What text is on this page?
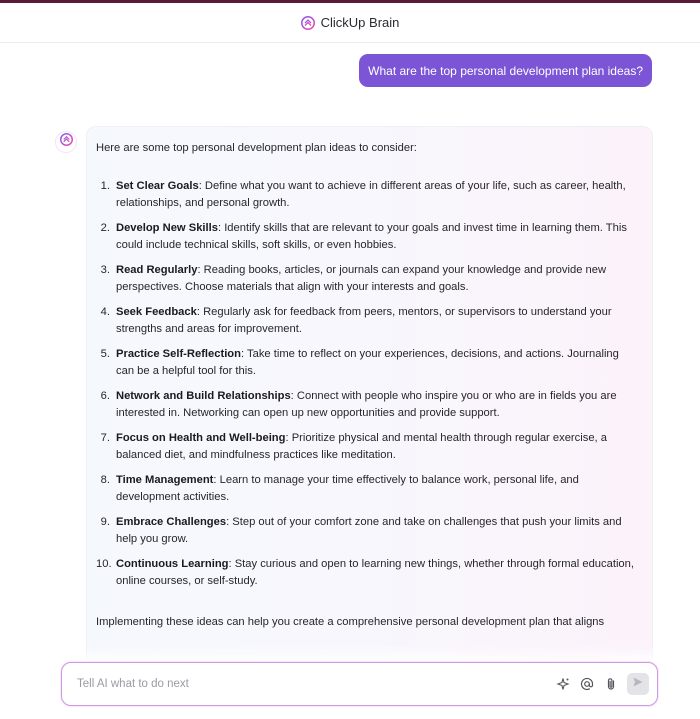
ClickUp Brain
What are the top personal development plan ideas?

Here are some top personal development plan ideas to consider:

1. Set Clear Goals: Define what you want to achieve in different areas of your life, such as career, health, relationships, and personal growth.
2. Develop New Skills: Identify skills that are relevant to your goals and invest time in learning them. This could include technical skills, soft skills, or even hobbies.
3. Read Regularly: Reading books, articles, or journals can expand your knowledge and provide new perspectives. Choose materials that align with your interests and goals.
4. Seek Feedback: Regularly ask for feedback from peers, mentors, or supervisors to understand your strengths and areas for improvement.
5. Practice Self-Reflection: Take time to reflect on your experiences, decisions, and actions. Journaling can be a helpful tool for this.
6. Network and Build Relationships: Connect with people who inspire you or who are in fields you are interested in. Networking can open up new opportunities and provide support.
7. Focus on Health and Well-being: Prioritize physical and mental health through regular exercise, a balanced diet, and mindfulness practices like meditation.
8. Time Management: Learn to manage your time effectively to balance work, personal life, and development activities.
9. Embrace Challenges: Step out of your comfort zone and take on challenges that push your limits and help you grow.
10. Continuous Learning: Stay curious and open to learning new things, whether through formal education, online courses, or self-study.

Implementing these ideas can help you create a comprehensive personal development plan that aligns

Tell AI what to do next
